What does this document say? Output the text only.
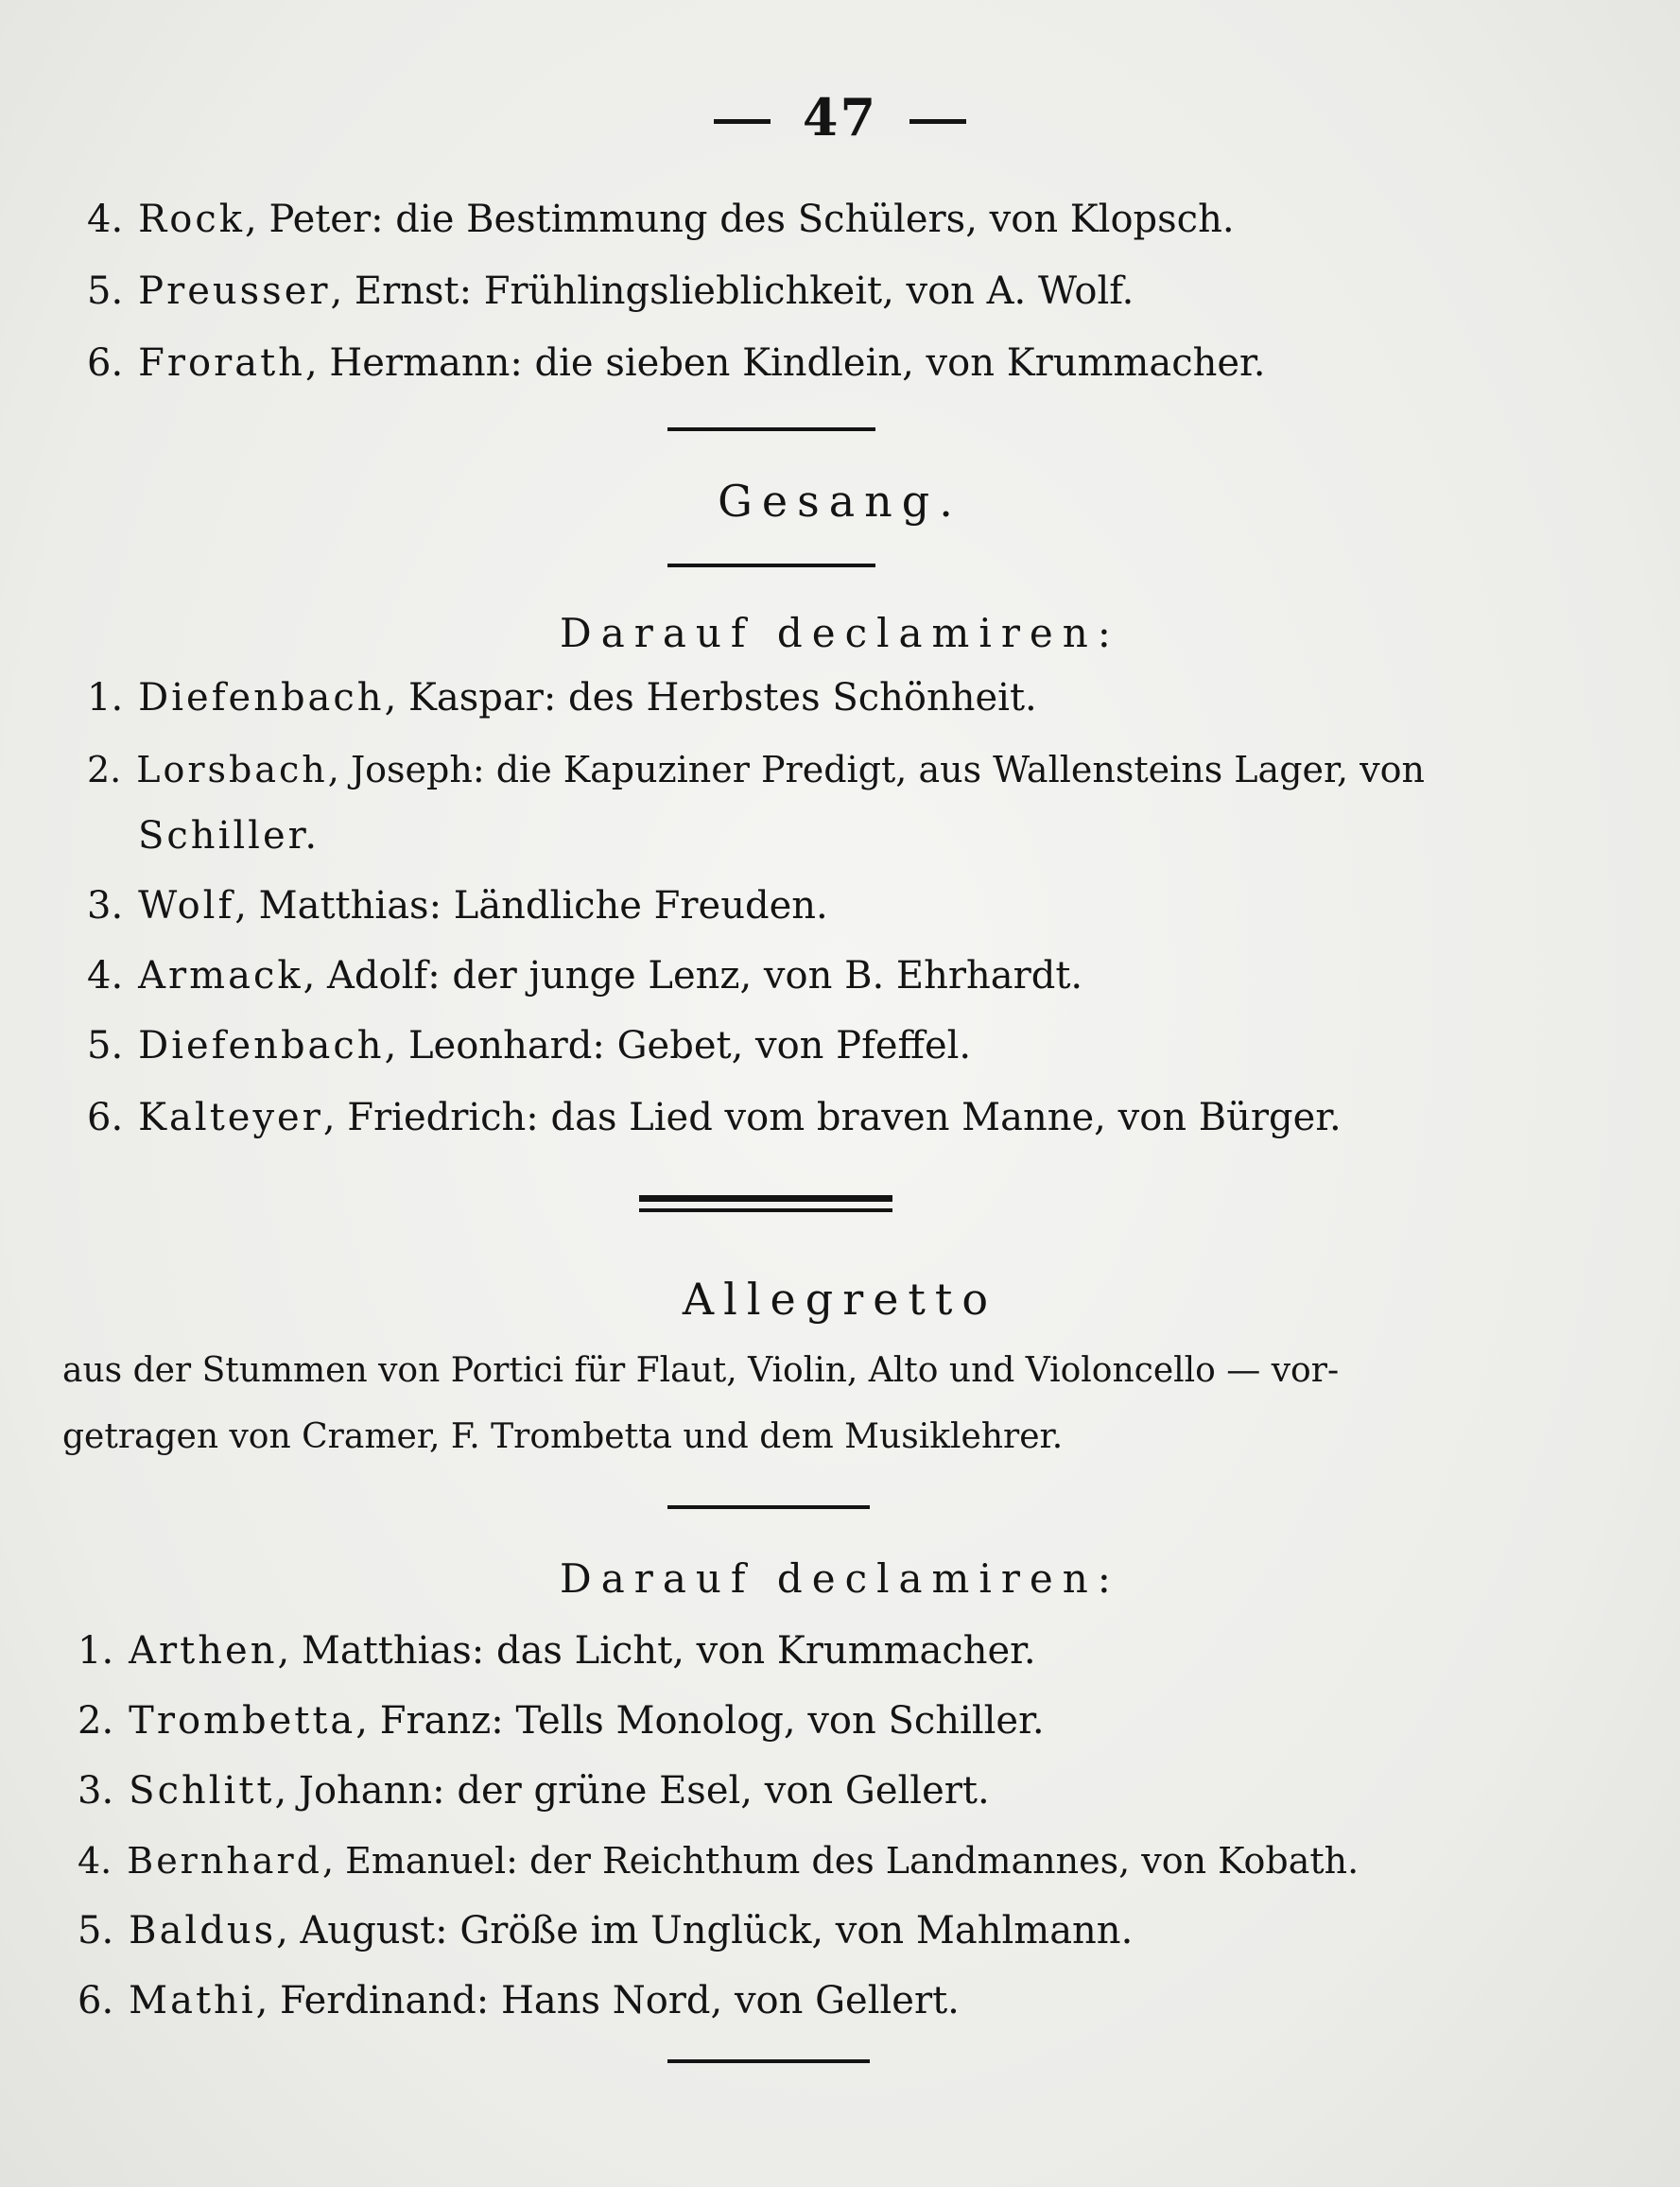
47
4. Rock, Peter: die Bestimmung des Schülers, von Klopsch.
5. Preusser, Ernst: Frühlingslieblichkeit, von A. Wolf.
6. Frorath, Hermann: die sieben Kindlein, von Krummacher.
Gesang.
Darauf declamiren:
1. Diefenbach, Kaspar: des Herbstes Schönheit.
2. Lorsbach, Joseph: die Kapuziner Predigt, aus Wallensteins Lager, von
Schiller.
3. Wolf, Matthias: Ländliche Freuden.
4. Armack, Adolf: der junge Lenz, von B. Ehrhardt.
5. Diefenbach, Leonhard: Gebet, von Pfeffel.
6. Kalteyer, Friedrich: das Lied vom braven Manne, von Bürger.
Allegretto
aus der Stummen von Portici für Flaut, Violin, Alto und Violoncello — vor-
getragen von Cramer, F. Trombetta und dem Musiklehrer.
Darauf declamiren:
1. Arthen, Matthias: das Licht, von Krummacher.
2. Trombetta, Franz: Tells Monolog, von Schiller.
3. Schlitt, Johann: der grüne Esel, von Gellert.
4. Bernhard, Emanuel: der Reichthum des Landmannes, von Kobath.
5. Baldus, August: Größe im Unglück, von Mahlmann.
6. Mathi, Ferdinand: Hans Nord, von Gellert.
